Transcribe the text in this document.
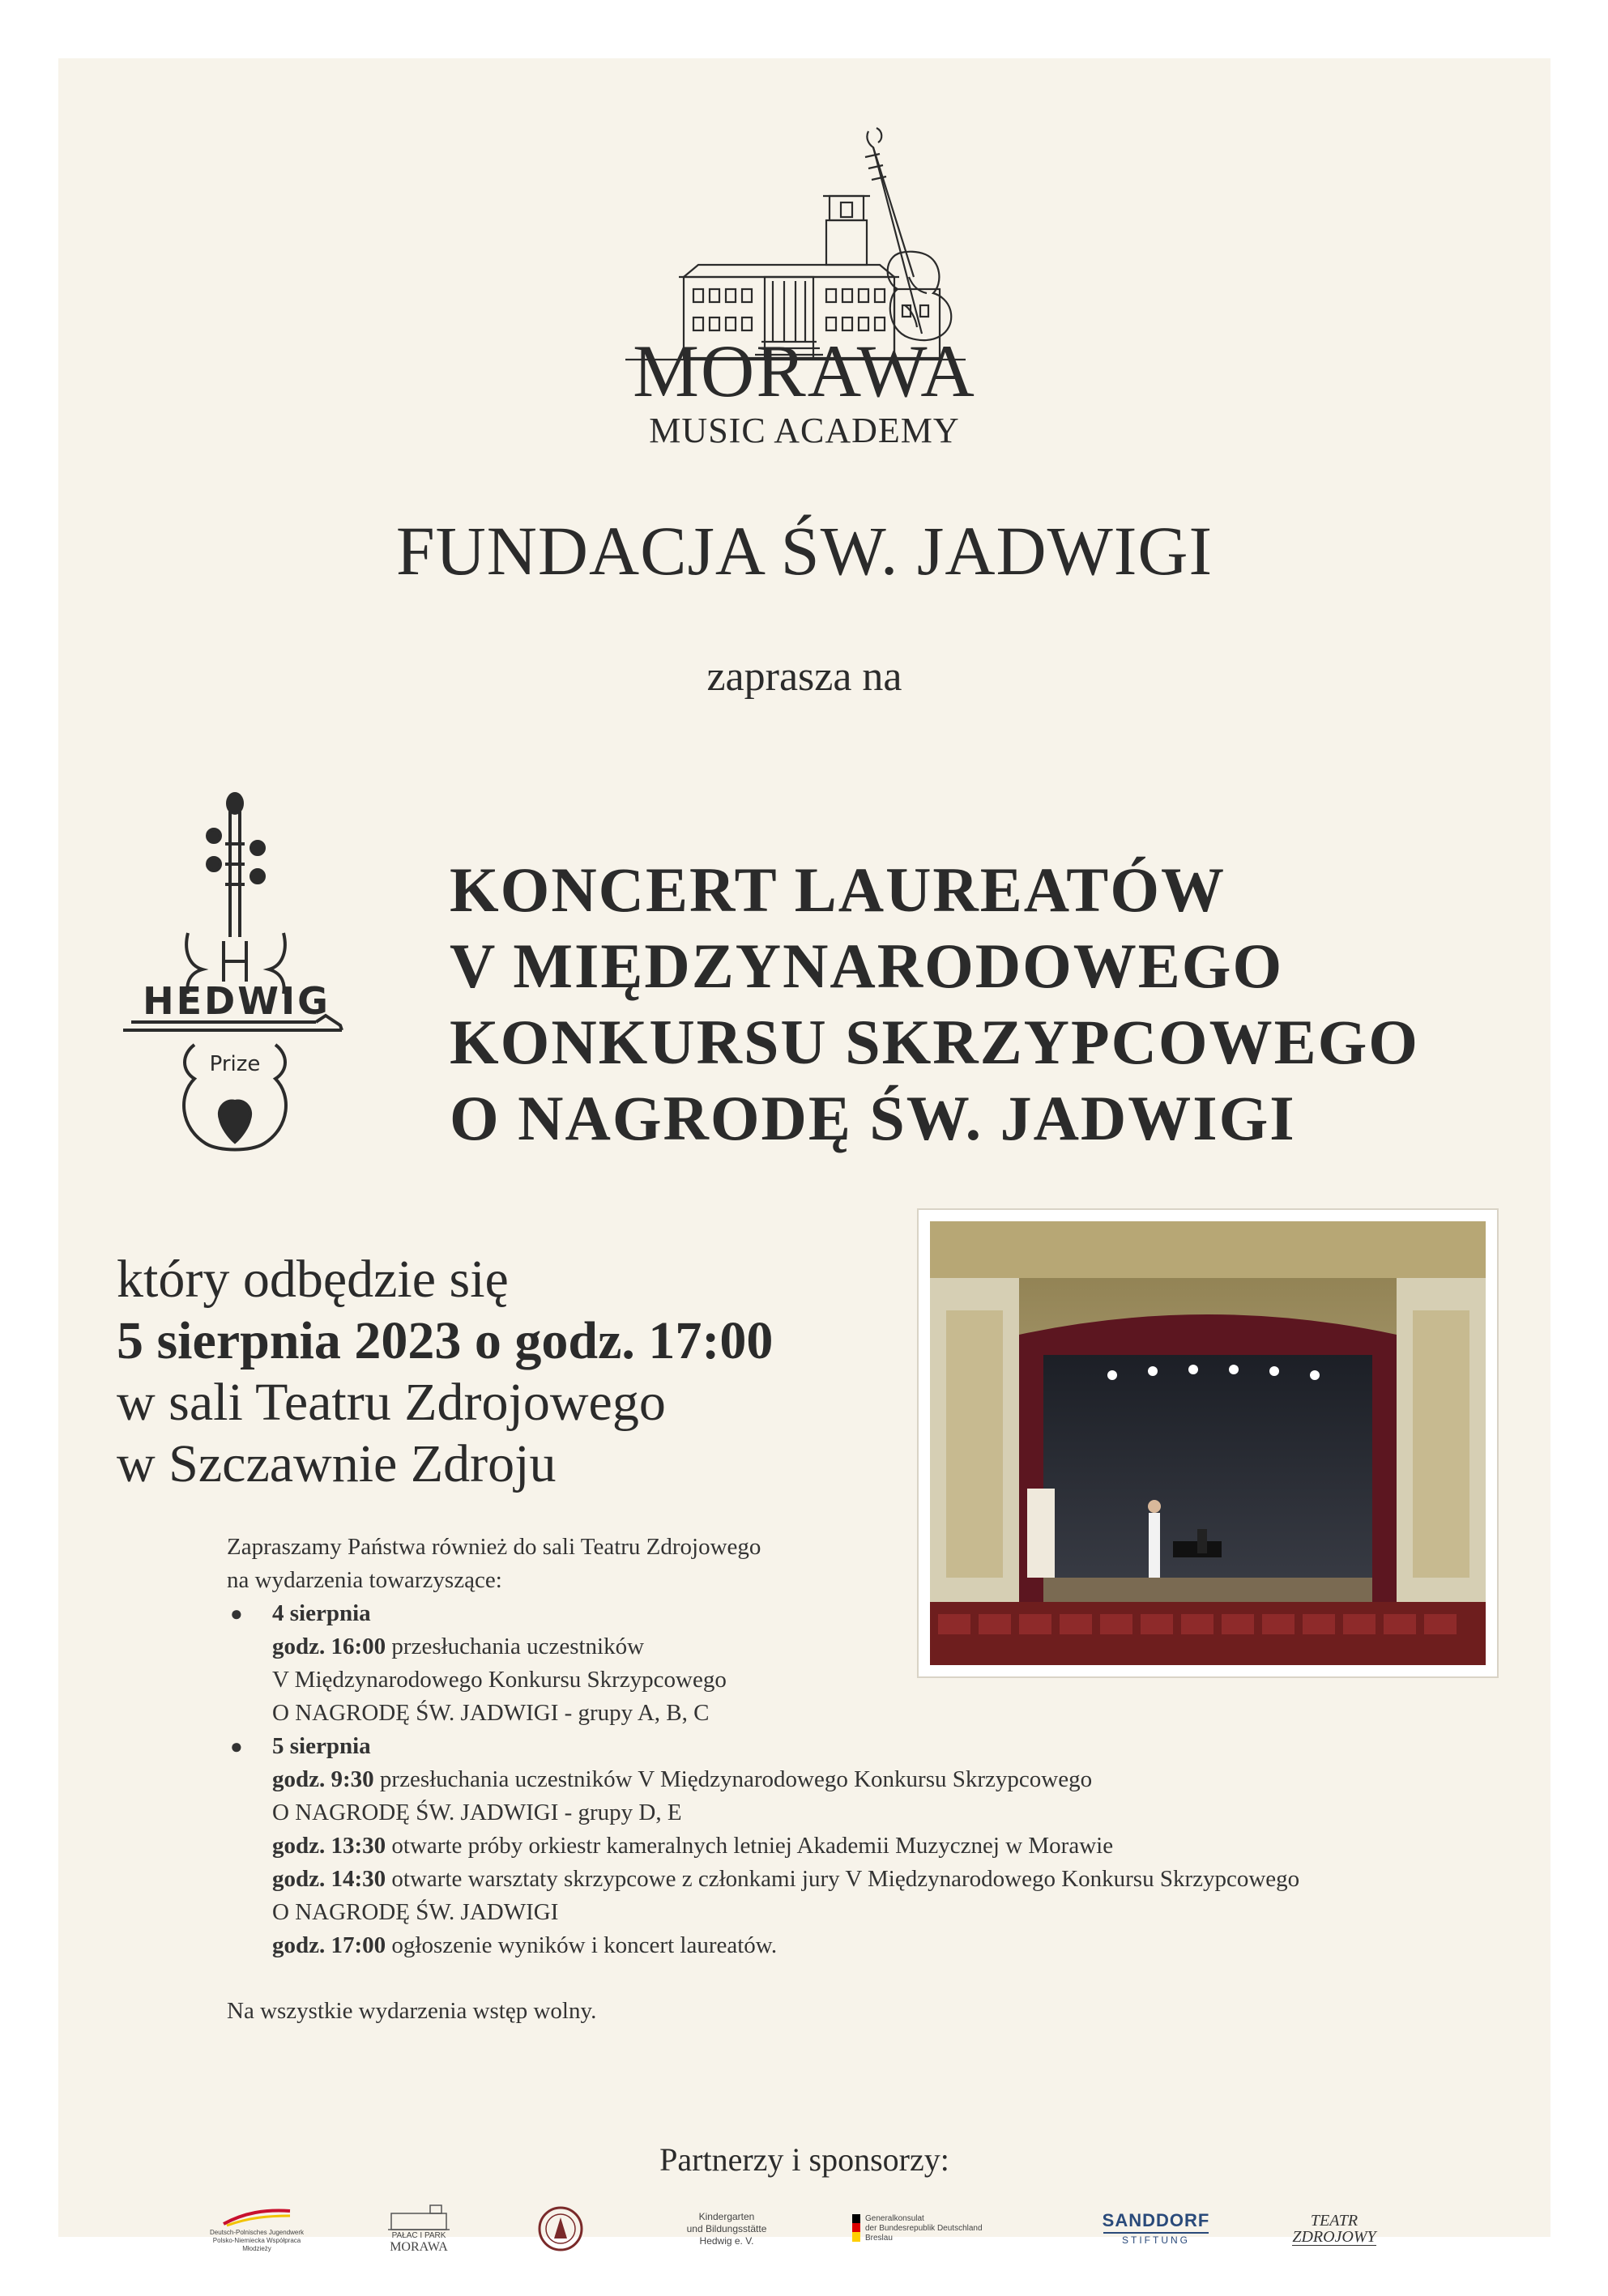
MORAWA
MUSIC ACADEMY
FUNDACJA ŚW. JADWIGI
zaprasza na
HEDWIG
Prize
KONCERT LAUREATÓW
V MIĘDZYNARODOWEGO
KONKURSU SKRZYPCOWEGO
O NAGRODĘ ŚW. JADWIGI
który odbędzie się
5 sierpnia 2023 o godz. 17:00
w sali Teatru Zdrojowego
w Szczawnie Zdroju
Zapraszamy Państwa również do sali Teatru Zdrojowego
na wydarzenia towarzyszące:
● 4 sierpnia
godz. 16:00 przesłuchania uczestników
V Międzynarodowego Konkursu Skrzypcowego
O NAGRODĘ ŚW. JADWIGI - grupy A, B, C
● 5 sierpnia
godz. 9:30 przesłuchania uczestników V Międzynarodowego Konkursu Skrzypcowego
O NAGRODĘ ŚW. JADWIGI - grupy D, E
godz. 13:30 otwarte próby orkiestr kameralnych letniej Akademii Muzycznej w Morawie
godz. 14:30 otwarte warsztaty skrzypcowe z członkami jury V Międzynarodowego Konkursu Skrzypcowego
O NAGRODĘ ŚW. JADWIGI
godz. 17:00 ogłoszenie wyników i koncert laureatów.
Na wszystkie wydarzenia wstęp wolny.
Partnerzy i sponsorzy:
Deutsch-Polnisches Jugendwerk Polsko-Niemiecka Współpraca Młodzieży
PAŁAC I PARK
MORAWA
Kindergarten
und Bildungsstätte
Hedwig e. V.
Generalkonsulat
der Bundesrepublik Deutschland
Breslau
SANDDORF
STIFTUNG
TEATR
ZDROJOWY
